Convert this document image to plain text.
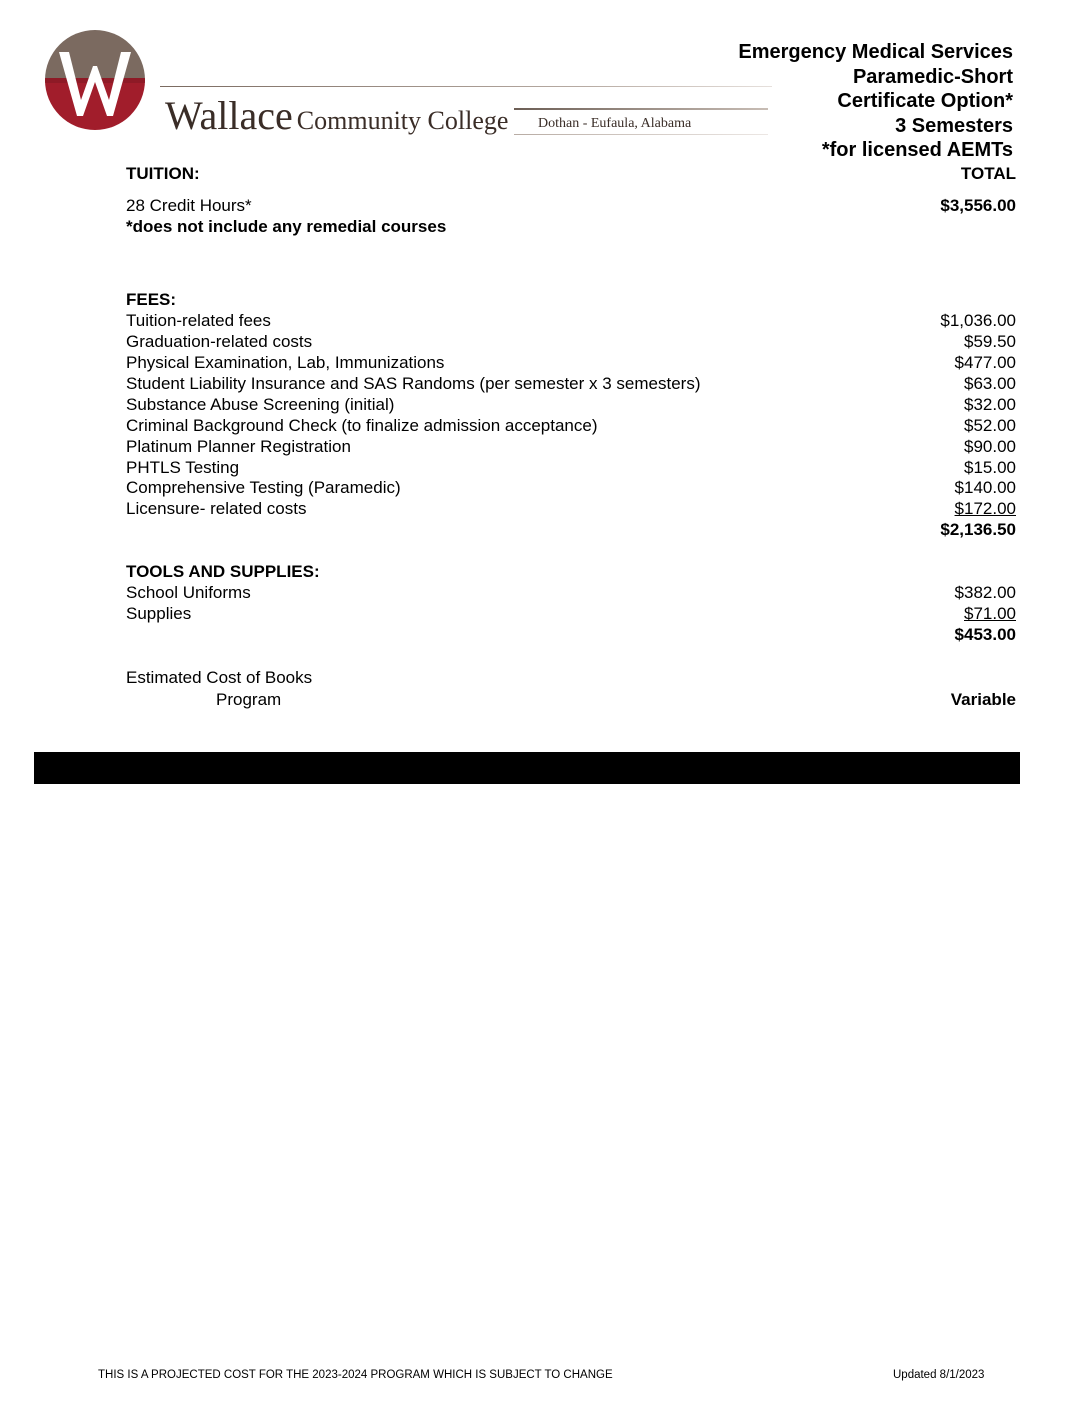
Wallace Community College Dothan - Eufaula, Alabama
Emergency Medical Services
Paramedic-Short
Certificate Option*
3 Semesters
*for licensed AEMTs
TUITION:	TOTAL
28 Credit Hours*	$3,556.00
*does not include any remedial courses
FEES:
Tuition-related fees	$1,036.00
Graduation-related costs	$59.50
Physical Examination, Lab, Immunizations	$477.00
Student Liability Insurance and SAS Randoms (per semester x 3 semesters)	$63.00
Substance Abuse Screening (initial)	$32.00
Criminal Background Check (to finalize admission acceptance)	$52.00
Platinum Planner Registration	$90.00
PHTLS Testing	$15.00
Comprehensive Testing (Paramedic)	$140.00
Licensure- related costs	$172.00
$2,136.50
TOOLS AND SUPPLIES:
School Uniforms	$382.00
Supplies	$71.00
$453.00
Estimated Cost of Books
Program	Variable
THIS IS A PROJECTED COST FOR THE 2023-2024 PROGRAM WHICH IS SUBJECT TO CHANGE	Updated 8/1/2023
